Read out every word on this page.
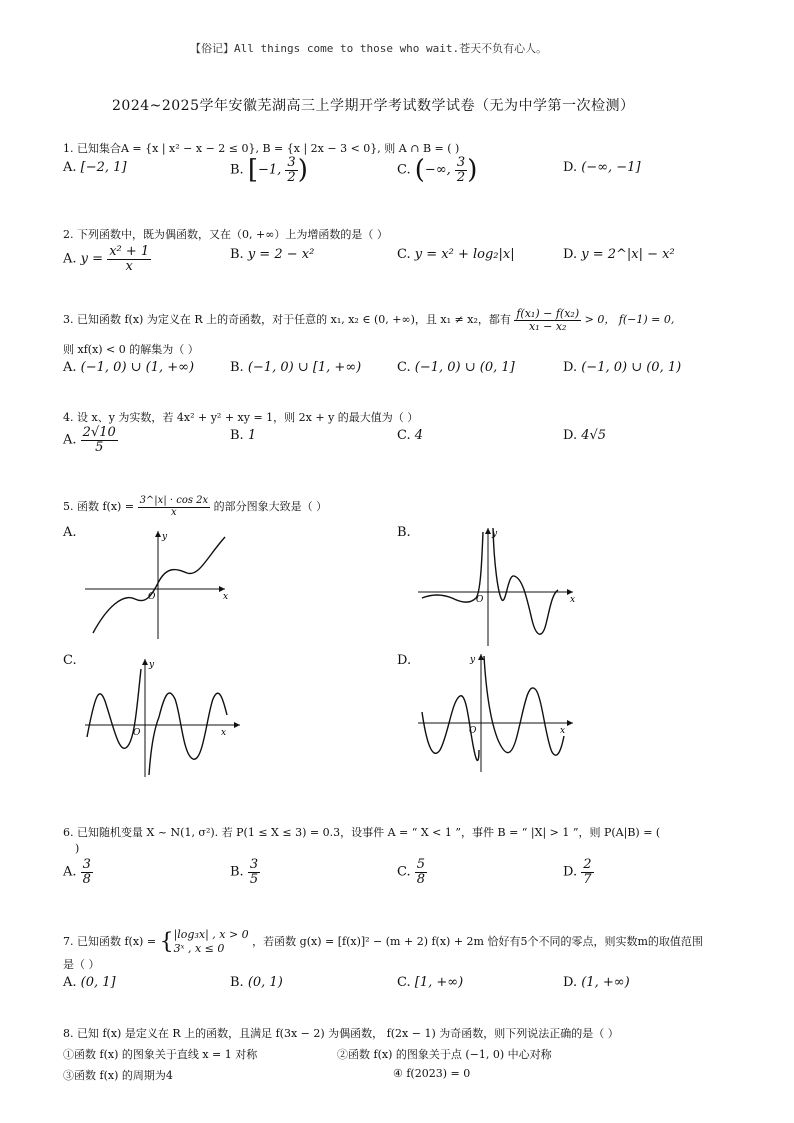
【俗记】All things come to those who wait.苍天不负有心人。
2024~2025学年安徽芜湖高三上学期开学考试数学试卷（无为中学第一次检测）
1. 已知集合A = {x | x² − x − 2 ≤ 0}, B = {x | 2x − 3 < 0}, 则 A ∩ B = ( )
A. [−2, 1]	B. [−1, $\frac{3}{2}$ )	C. (−∞, $\frac{3}{2}$ )	D. (−∞, −1]
2. 下列函数中，既为偶函数，又在（0, +∞）上为增函数的是（ ）
A. $y = \frac{\text{x² + 1}}{x}$	B. y = 2 − x²	C. y = x² + log₂|x|	D. y = 2^|x| − x²
3. 已知函数 f(x) 为定义在 R 上的奇函数，对于任意的 x₁, x₂ ∈ (0, +∞)，且 x₁ ≠ x₂，都有 $\frac{\text{f(x₁) − f(x₂)}}{\text{x₁ − x₂}} > 0$， f(−1) = 0,
则 xf(x) < 0 的解集为（ ）
A. (−1, 0) ∪ (1, +∞)	B. (−1, 0) ∪ [1, +∞)	C. (−1, 0) ∪ (0, 1]	D. (−1, 0) ∪ (0, 1)
4. 设 x、y 为实数，若 4x² + y² + xy = 1，则 2x + y 的最大值为（ ）
A. $\frac{2√10}{5}$	B. 1	C. 4	D. 4√5
5. 函数 $f(x) = \frac{3\^{}|x| \cdot \cos 2x}{x}$ 的部分图象大致是（ ）
A.	B.
C.	D.
x
y
O	x
y
O
x
y
O	x
y
O
6. 已知随机变量 X ~ N(1, σ²). 若 P(1 ≤ X ≤ 3) = 0.3，设事件 A = “ X < 1 ”，事件 B = “ |X| > 1 ”，则 P(A|B) = (
)
A. $\frac{3}{8}$	B. $\frac{3}{5}$	C. $\frac{5}{8}$	D. $\frac{2}{7}$
7. 已知函数 f(x) = { |log₃x| , x > 0
3ˣ , x ≤ 0
，若函数 g(x) = [f(x)]² − (m + 2) f(x) + 2m 恰好有5个不同的零点，则实数m的取值范围
是（ ）
A. (0, 1]	B. (0, 1)	C. [1, +∞)	D. (1, +∞)
8. 已知 f(x) 是定义在 R 上的函数，且满足 f(3x − 2) 为偶函数， f(2x − 1) 为奇函数，则下列说法正确的是（ ）
①函数 f(x) 的图象关于直线 x = 1 对称	②函数 f(x) 的图象关于点 (−1, 0) 中心对称
③函数 f(x) 的周期为4	④ f(2023) = 0
